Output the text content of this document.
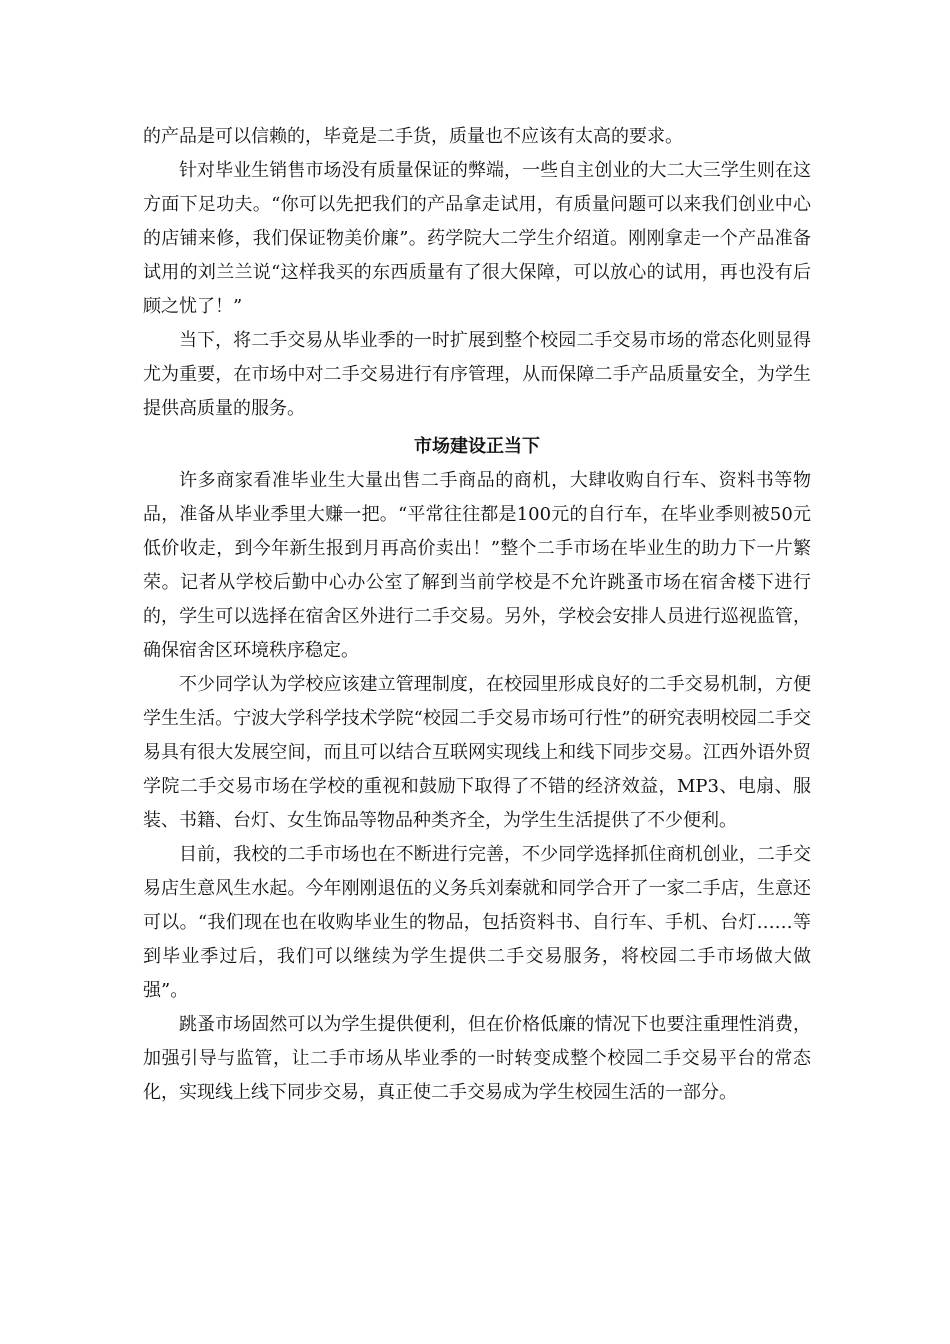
的产品是可以信赖的，毕竟是二手货，质量也不应该有太高的要求。

针对毕业生销售市场没有质量保证的弊端，一些自主创业的大二大三学生则在这方面下足功夫。“你可以先把我们的产品拿走试用，有质量问题可以来我们创业中心的店铺来修，我们保证物美价廉”。药学院大二学生介绍道。刚刚拿走一个产品准备试用的刘兰兰说“这样我买的东西质量有了很大保障，可以放心的试用，再也没有后顾之忧了！”

当下，将二手交易从毕业季的一时扩展到整个校园二手交易市场的常态化则显得尤为重要，在市场中对二手交易进行有序管理，从而保障二手产品质量安全，为学生提供高质量的服务。

市场建设正当下

许多商家看准毕业生大量出售二手商品的商机，大肆收购自行车、资料书等物品，准备从毕业季里大赚一把。“平常往往都是100元的自行车，在毕业季则被50元低价收走，到今年新生报到月再高价卖出！”整个二手市场在毕业生的助力下一片繁荣。记者从学校后勤中心办公室了解到当前学校是不允许跳蚤市场在宿舍楼下进行的，学生可以选择在宿舍区外进行二手交易。另外，学校会安排人员进行巡视监管，确保宿舍区环境秩序稳定。

不少同学认为学校应该建立管理制度，在校园里形成良好的二手交易机制，方便学生生活。宁波大学科学技术学院“校园二手交易市场可行性”的研究表明校园二手交易具有很大发展空间，而且可以结合互联网实现线上和线下同步交易。江西外语外贸学院二手交易市场在学校的重视和鼓励下取得了不错的经济效益，MP3、电扇、服装、书籍、台灯、女生饰品等物品种类齐全，为学生生活提供了不少便利。

目前，我校的二手市场也在不断进行完善，不少同学选择抓住商机创业，二手交易店生意风生水起。今年刚刚退伍的义务兵刘秦就和同学合开了一家二手店，生意还可以。“我们现在也在收购毕业生的物品，包括资料书、自行车、手机、台灯……等到毕业季过后，我们可以继续为学生提供二手交易服务，将校园二手市场做大做强”。

跳蚤市场固然可以为学生提供便利，但在价格低廉的情况下也要注重理性消费，加强引导与监管，让二手市场从毕业季的一时转变成整个校园二手交易平台的常态化，实现线上线下同步交易，真正使二手交易成为学生校园生活的一部分。
